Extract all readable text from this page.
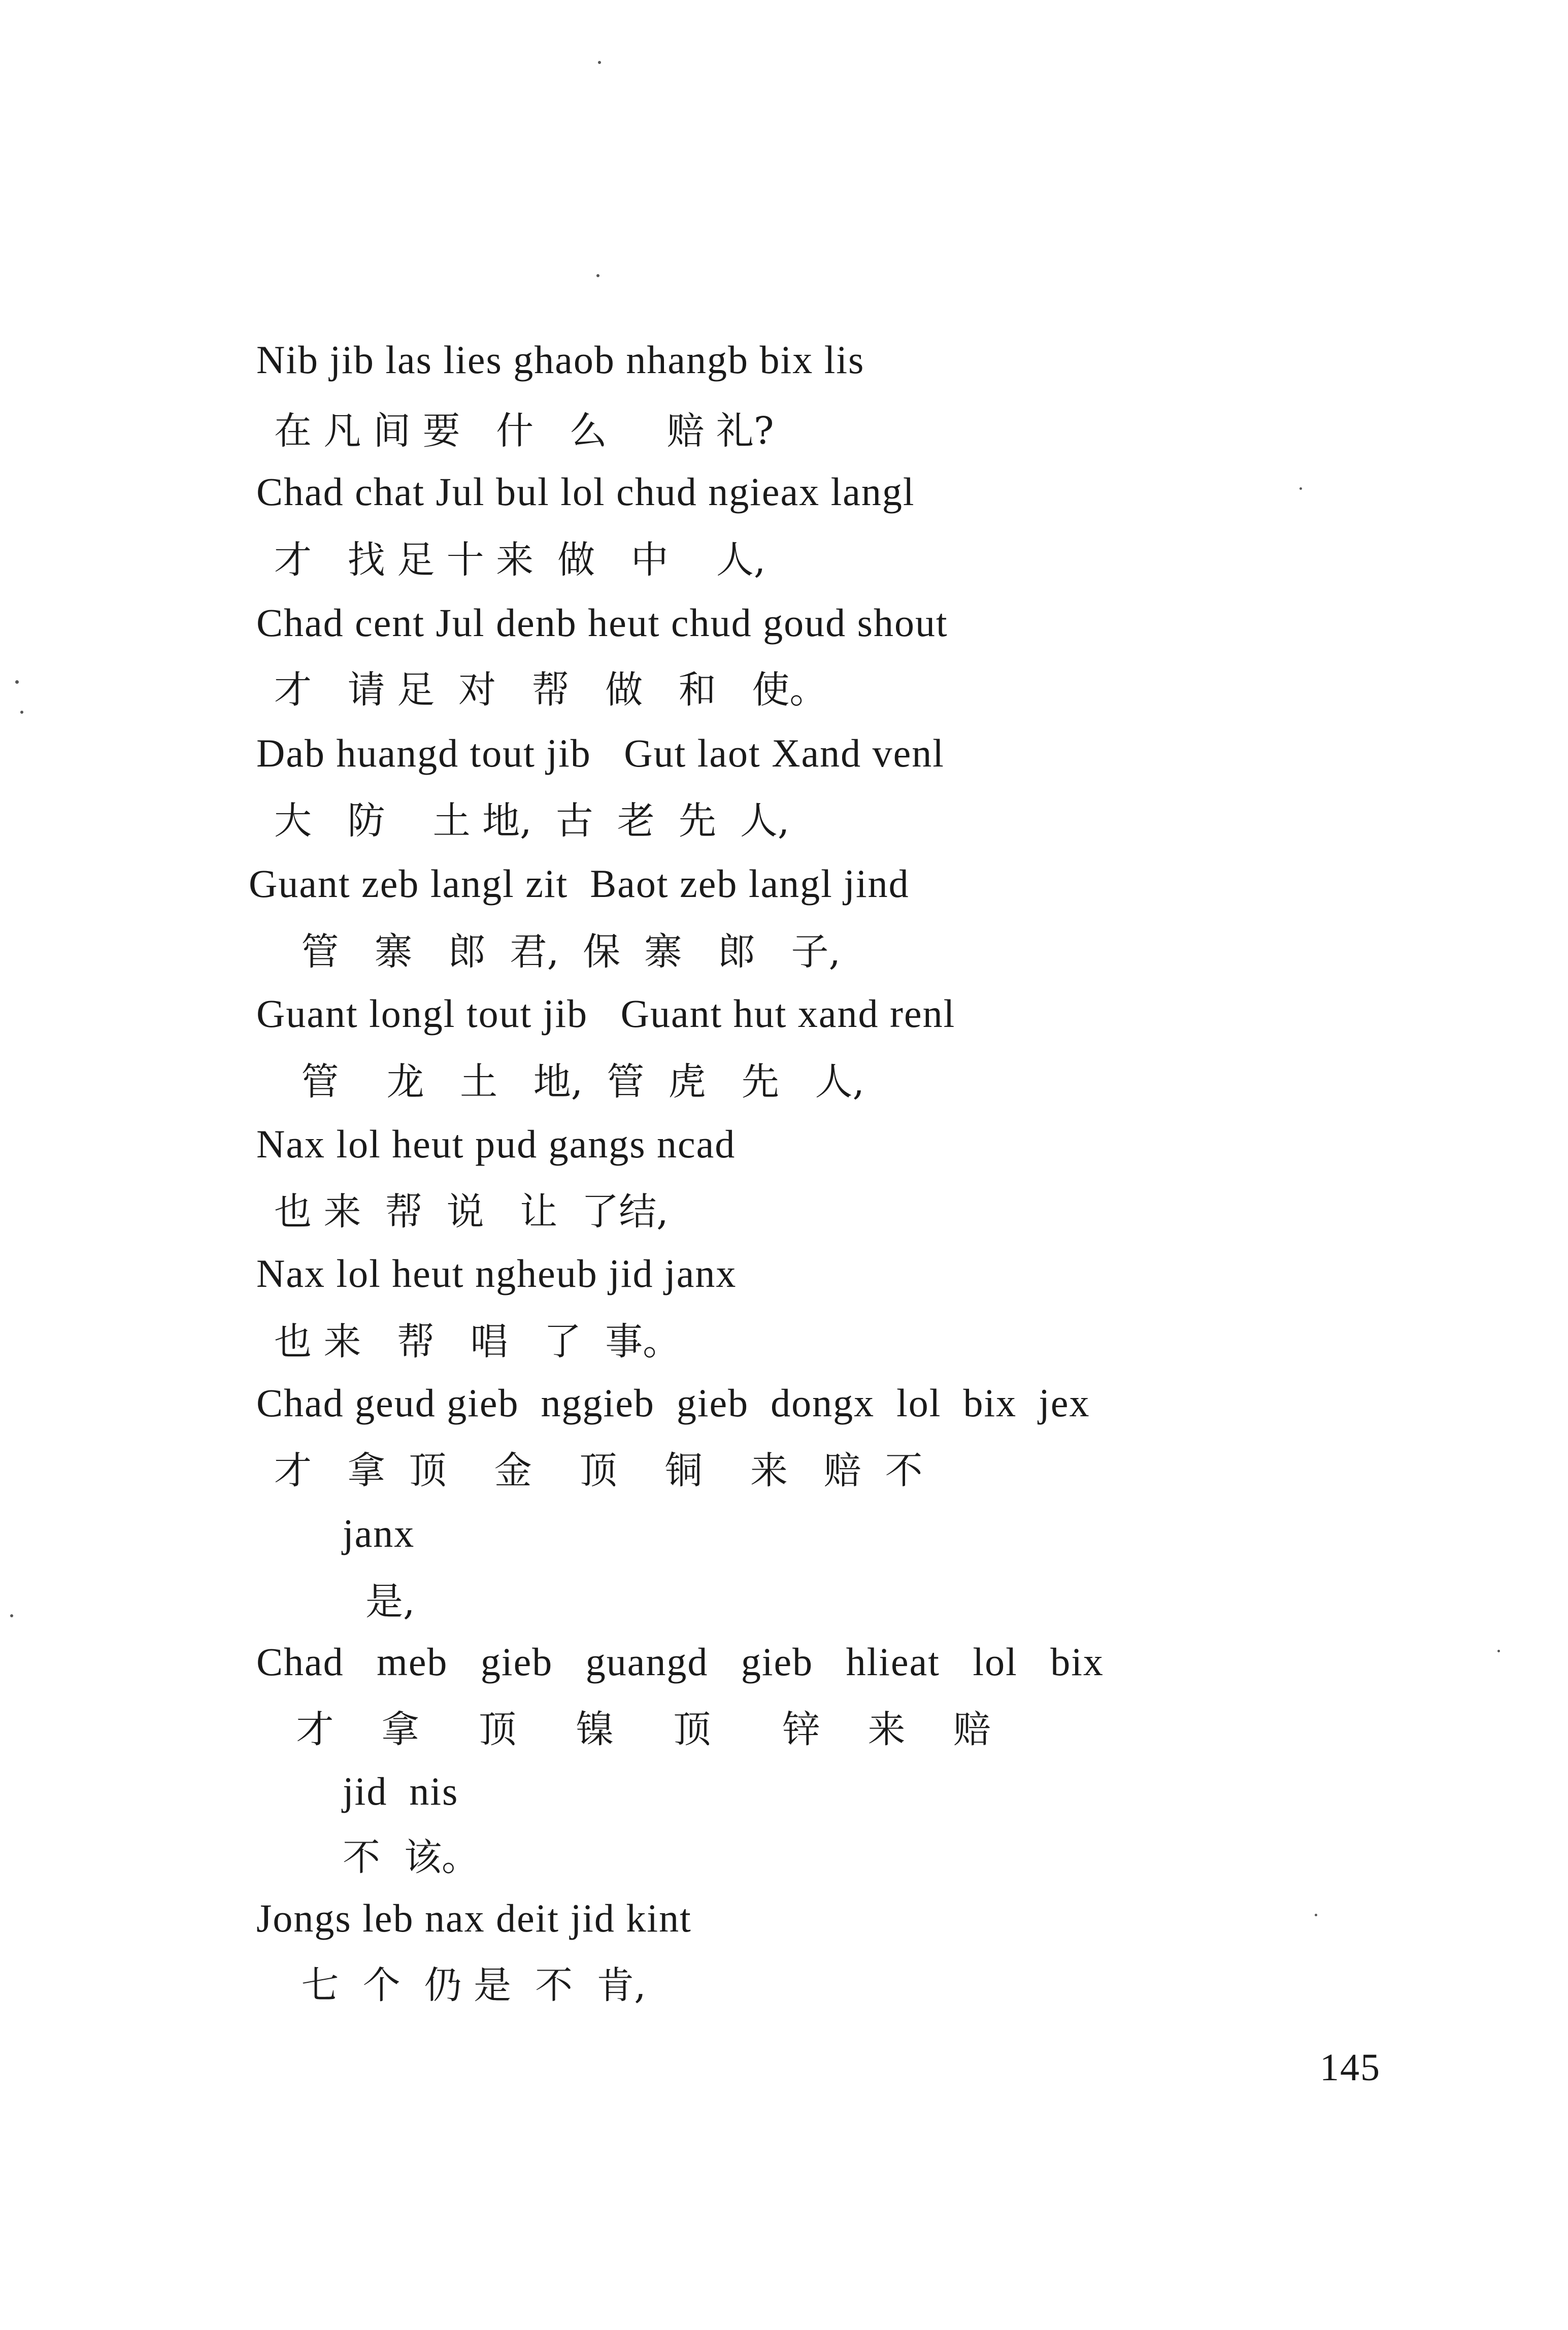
Nib jib las lies ghaob nhangb bix lis
在 凡 间 要   什   么     赔 礼?
Chad chat Jul bul lol chud ngieax langl
才   找 足 十 来  做   中    人,
Chad cent Jul denb heut chud goud shout
才   请 足  对   帮   做   和   使。
Dab huangd tout jib   Gut laot Xand venl
大   防    土 地,  古  老  先  人,
Guant zeb langl zit  Baot zeb langl jind
管   寨   郎  君,  保  寨   郎   子,
Guant longl tout jib   Guant hut xand renl
管    龙   土   地,  管  虎   先   人,
Nax lol heut pud gangs ncad
也 来  帮  说   让  了结,
Nax lol heut ngheub jid janx
也 来   帮   唱   了  事。
Chad geud gieb  nggieb  gieb  dongx  lol  bix  jex
才   拿  顶    金    顶    铜    来   赔  不
janx
是,
Chad   meb   gieb   guangd   gieb   hlieat   lol   bix
才    拿     顶     镍     顶      锌    来    赔
jid  nis
不  该。
Jongs leb nax deit jid kint
七  个  仍 是  不  肯,
145
